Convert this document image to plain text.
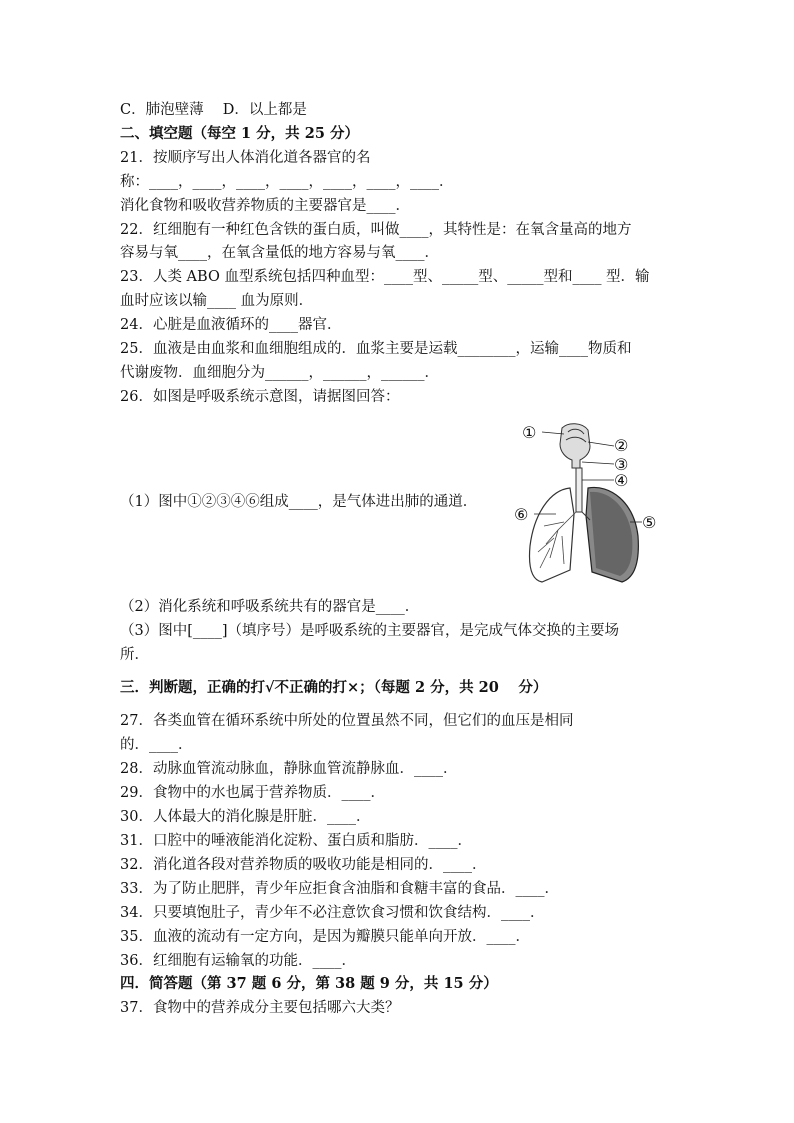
C．肺泡壁薄　 D．以上都是
二、填空题（每空 1 分，共 25 分）
21．按顺序写出人体消化道各器官的名
称：____，____，____，____，____，____，____．
消化食物和吸收营养物质的主要器官是____．
22．红细胞有一种红色含铁的蛋白质，叫做____，其特性是：在氧含量高的地方
容易与氧____，在氧含量低的地方容易与氧____．
23．人类 ABO 血型系统包括四种血型：____型、_____型、_____型和____ 型．输
血时应该以输____ 血为原则．
24．心脏是血液循环的____器官．
25．血液是由血浆和血细胞组成的．血浆主要是运载________，运输____物质和
代谢废物．血细胞分为______，______，______．
26．如图是呼吸系统示意图，请据图回答：
（1）图中①②③④⑥组成____，是气体进出肺的通道．
①
②
③
④
⑤
⑥
（2）消化系统和呼吸系统共有的器官是____．
（3）图中[____]（填序号）是呼吸系统的主要器官，是完成气体交换的主要场
所．
三．判断题，正确的打√不正确的打×；（每题 2 分，共 20　 分）
27．各类血管在循环系统中所处的位置虽然不同，但它们的血压是相同
的．____．
28．动脉血管流动脉血，静脉血管流静脉血．____．
29．食物中的水也属于营养物质．____．
30．人体最大的消化腺是肝脏．____．
31．口腔中的唾液能消化淀粉、蛋白质和脂肪．____．
32．消化道各段对营养物质的吸收功能是相同的．____．
33．为了防止肥胖，青少年应拒食含油脂和食糖丰富的食品．____．
34．只要填饱肚子，青少年不必注意饮食习惯和饮食结构．____．
35．血液的流动有一定方向，是因为瓣膜只能单向开放．____．
36．红细胞有运输氧的功能．____．
四．简答题（第 37 题 6 分，第 38 题 9 分，共 15 分）
37．食物中的营养成分主要包括哪六大类？
